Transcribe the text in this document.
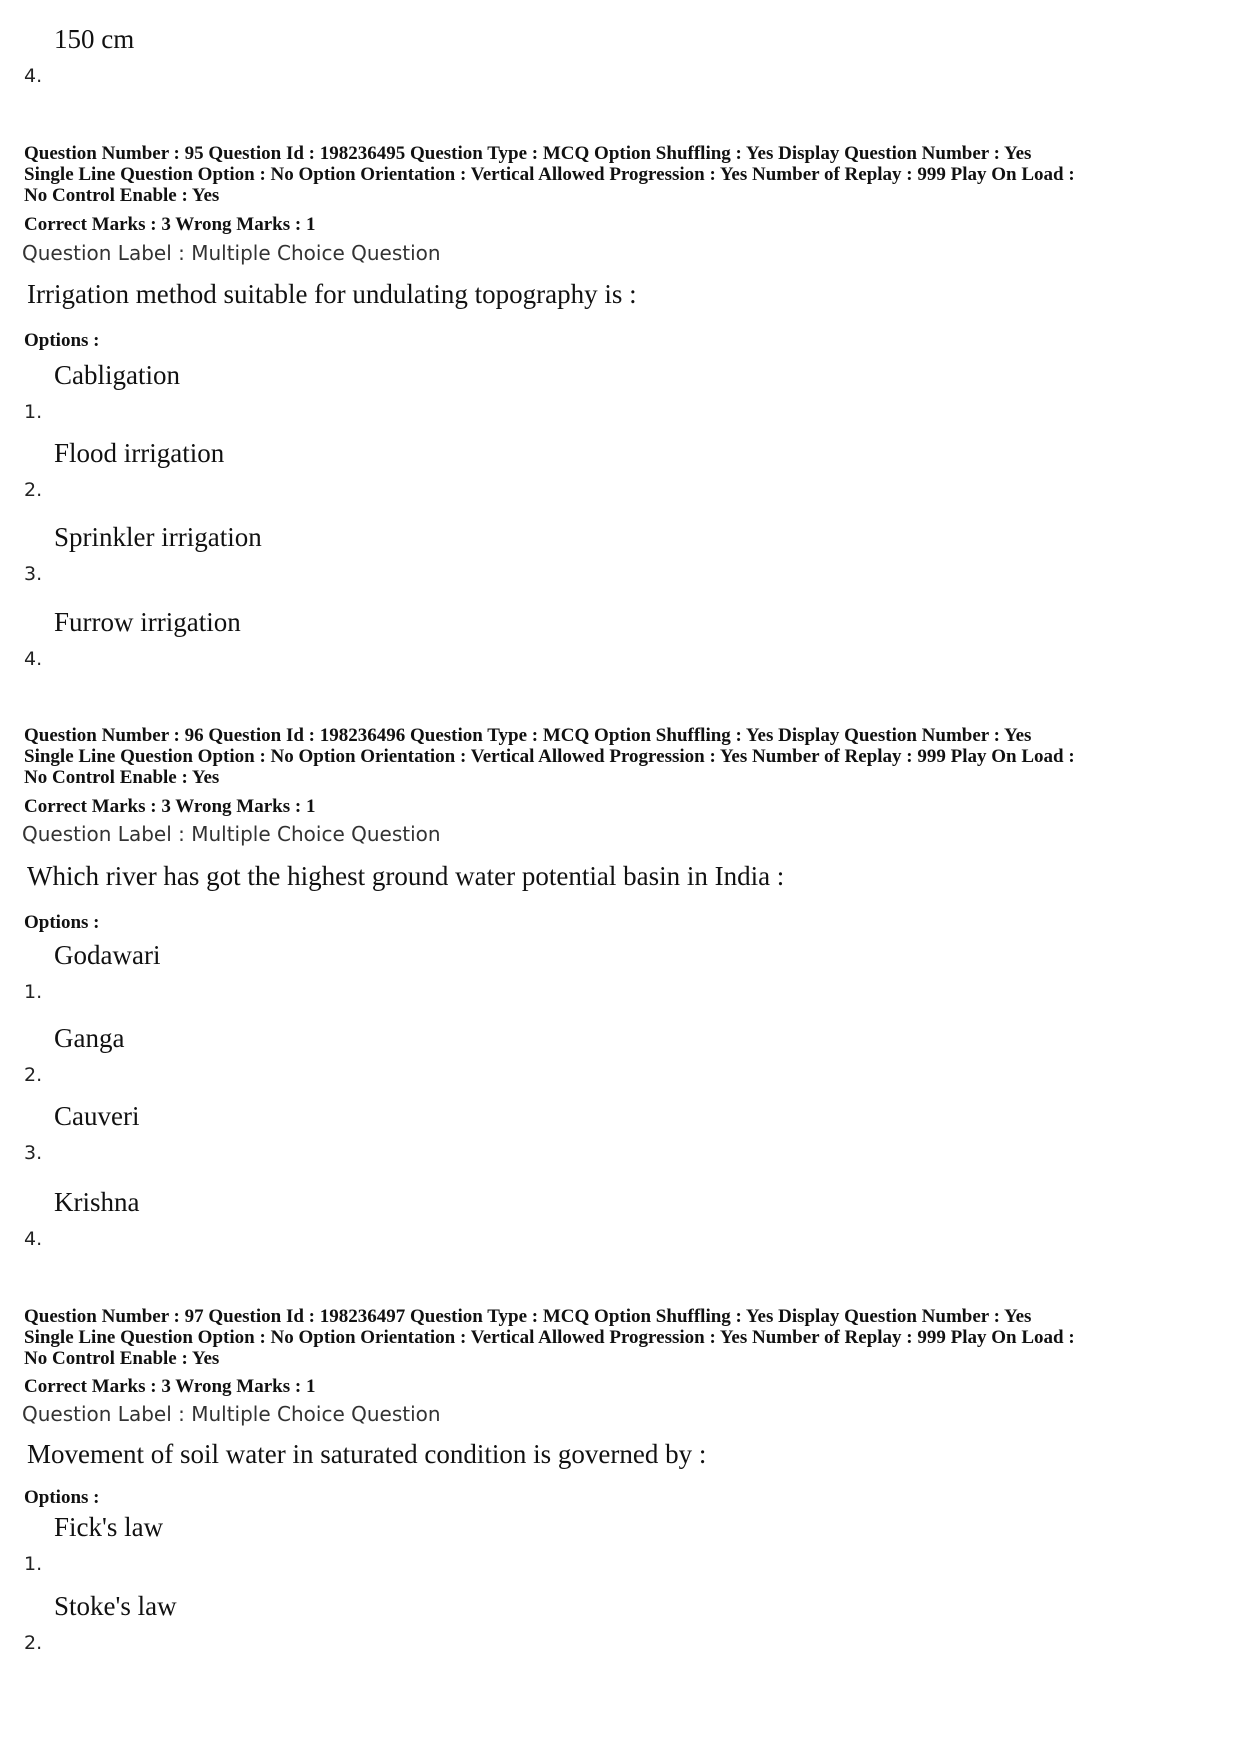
4.
150 cm
Question Number : 95 Question Id : 198236495 Question Type : MCQ Option Shuffling : Yes Display Question Number : Yes
Single Line Question Option : No Option Orientation : Vertical Allowed Progression : Yes Number of Replay : 999 Play On Load :
No Control Enable : Yes
Correct Marks : 3 Wrong Marks : 1
Question Label : Multiple Choice Question
Irrigation method suitable for undulating topography is :
Options :
1.
Cabligation
2.
Flood irrigation
3.
Sprinkler irrigation
4.
Furrow irrigation
Question Number : 96 Question Id : 198236496 Question Type : MCQ Option Shuffling : Yes Display Question Number : Yes
Single Line Question Option : No Option Orientation : Vertical Allowed Progression : Yes Number of Replay : 999 Play On Load :
No Control Enable : Yes
Correct Marks : 3 Wrong Marks : 1
Question Label : Multiple Choice Question
Which river has got the highest ground water potential basin in India :
Options :
1.
Godawari
2.
Ganga
3.
Cauveri
4.
Krishna
Question Number : 97 Question Id : 198236497 Question Type : MCQ Option Shuffling : Yes Display Question Number : Yes
Single Line Question Option : No Option Orientation : Vertical Allowed Progression : Yes Number of Replay : 999 Play On Load :
No Control Enable : Yes
Correct Marks : 3 Wrong Marks : 1
Question Label : Multiple Choice Question
Movement of soil water in saturated condition is governed by :
Options :
1.
Fick's law
2.
Stoke's law
